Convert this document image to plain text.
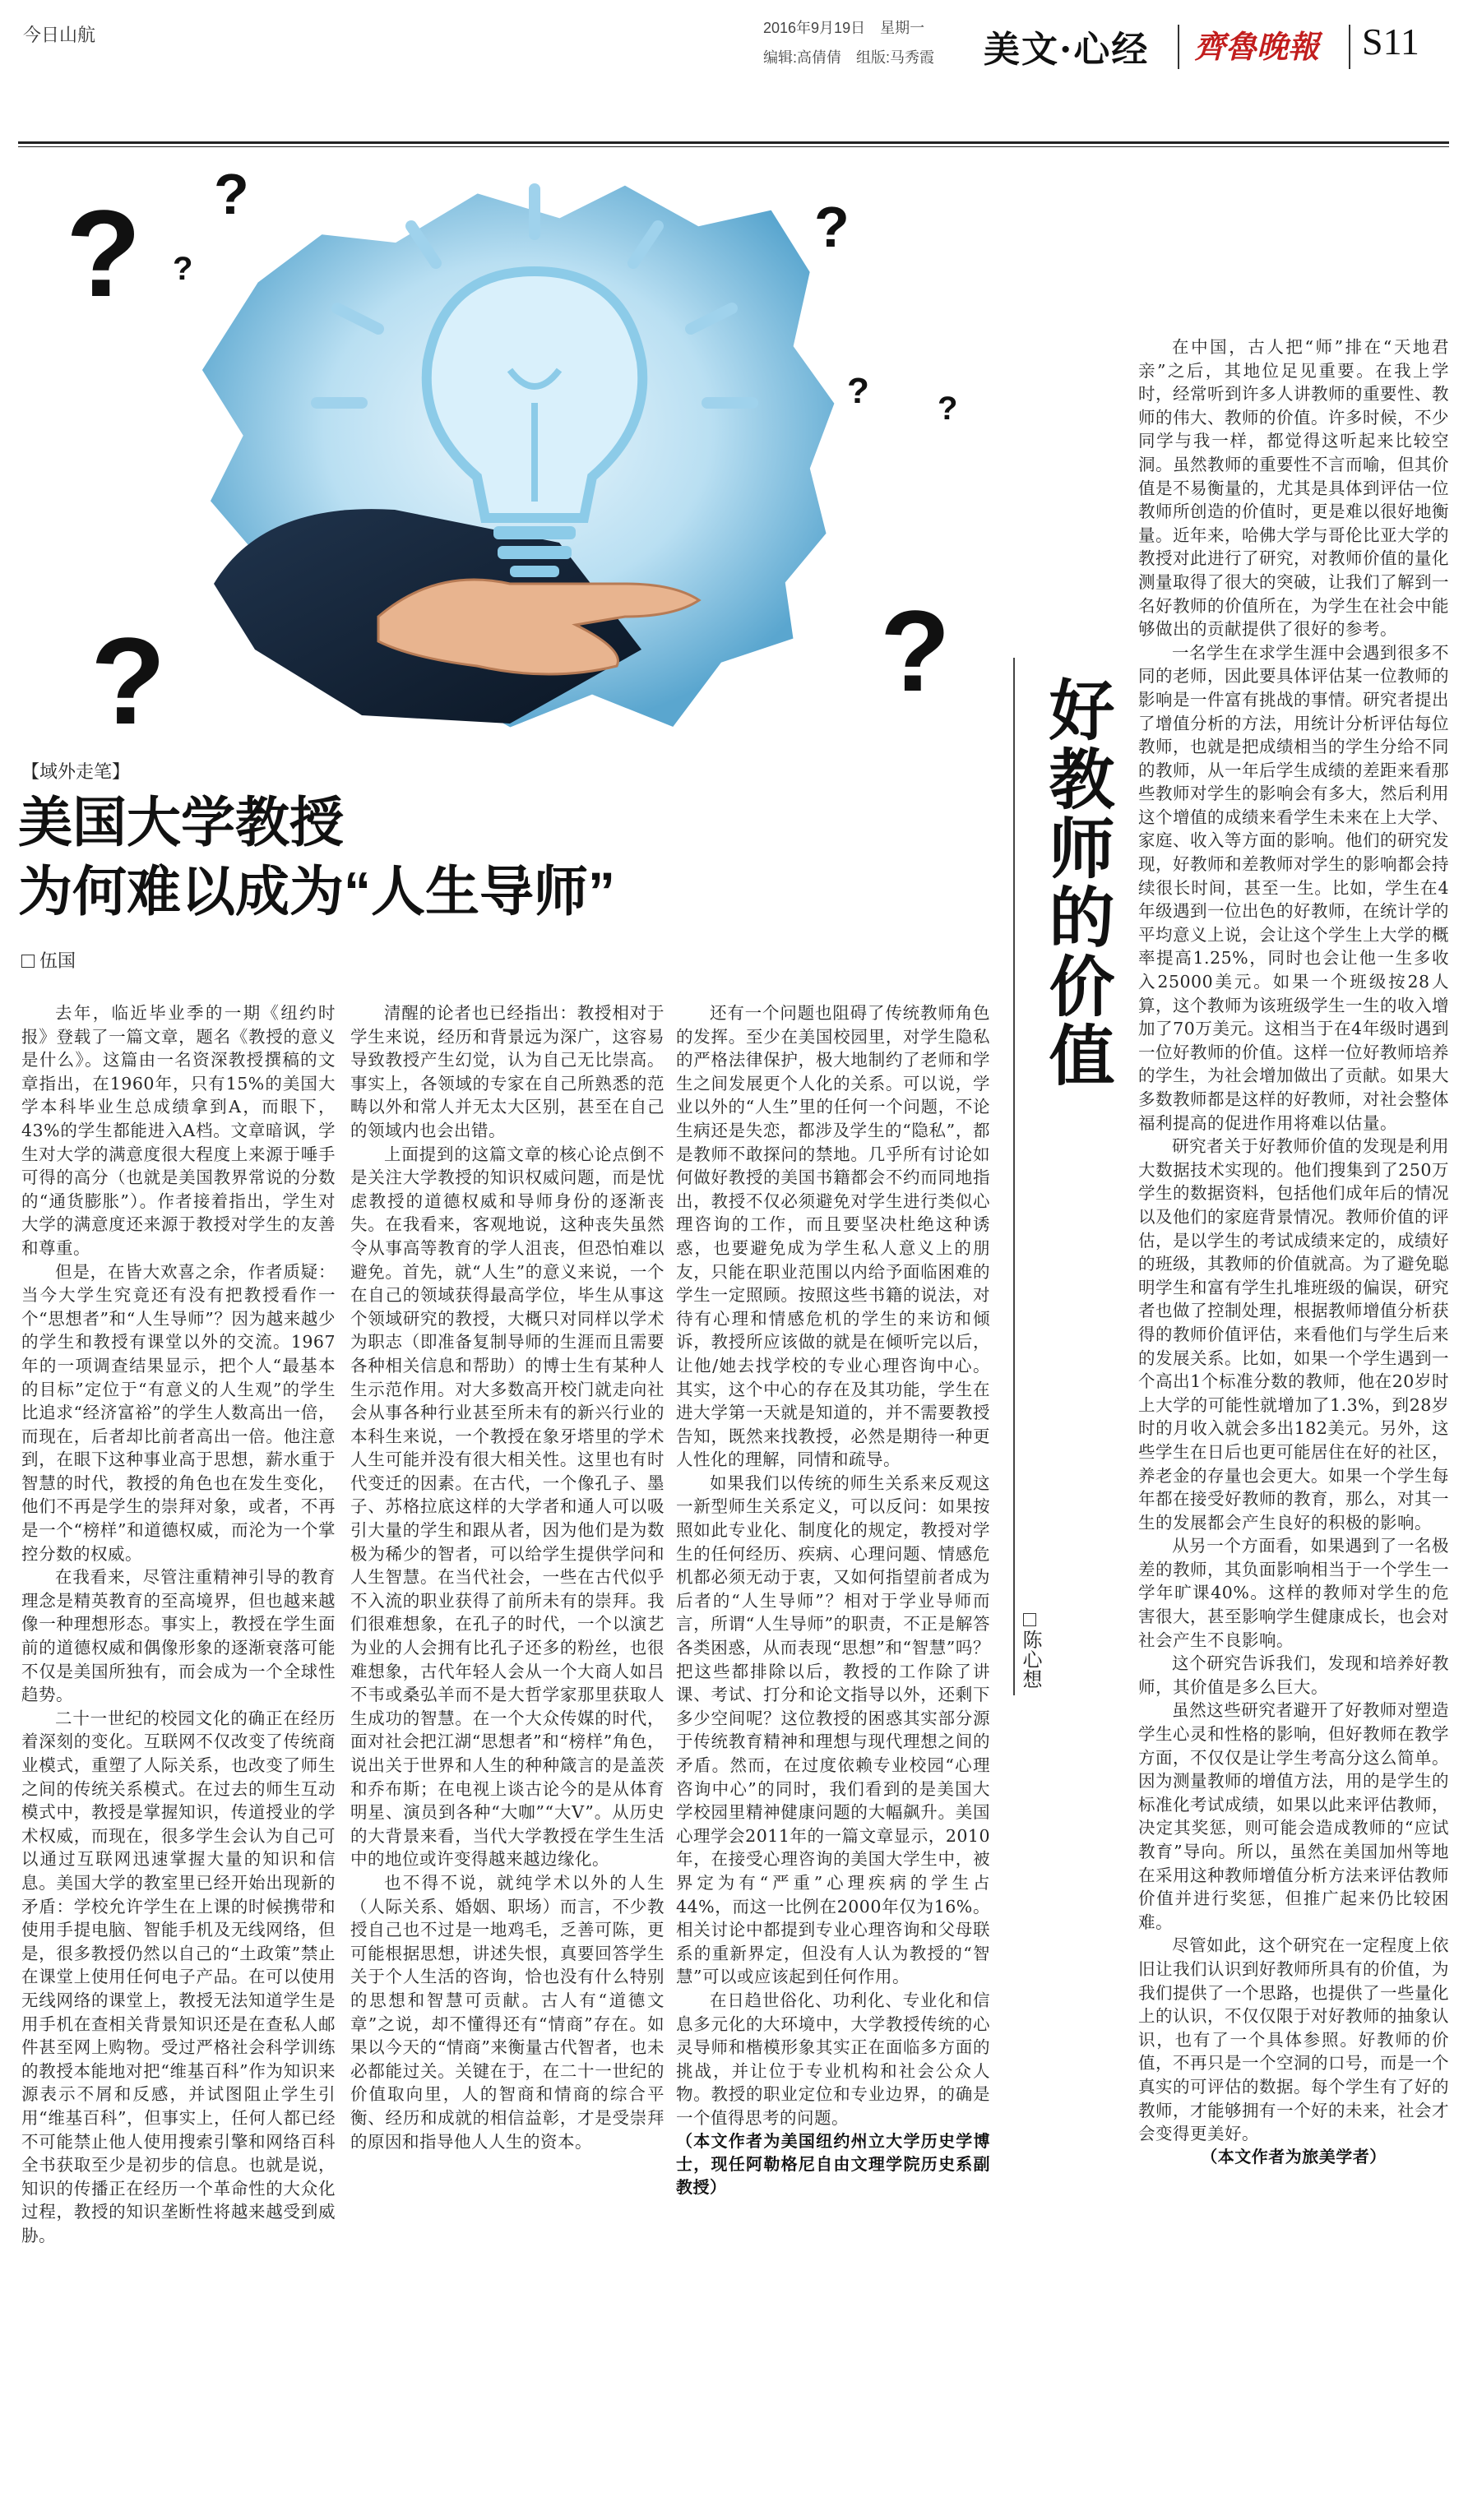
今日山航	2016年9月19日　星期一
编辑:高倩倩　组版:马秀霞 美文·心经 齊魯晚報 S11
? ?
?
?
?
?
? ?
【域外走笔】
美国大学教授
为何难以成为“人生导师”
伍国

去年，临近毕业季的一期《纽约时报》登载了一篇文章，题名《教授的意义是什么》。这篇由一名资深教授撰稿的文章指出，在1960年，只有15%的美国大学本科毕业生总成绩拿到A，而眼下，43%的学生都能进入A档。文章暗讽，学生对大学的满意度很大程度上来源于唾手可得的高分（也就是美国教界常说的分数的“通货膨胀”）。作者接着指出，学生对大学的满意度还来源于教授对学生的友善和尊重。

但是，在皆大欢喜之余，作者质疑：当今大学生究竟还有没有把教授看作一个“思想者”和“人生导师”？因为越来越少的学生和教授有课堂以外的交流。1967年的一项调查结果显示，把个人“最基本的目标”定位于“有意义的人生观”的学生比追求“经济富裕”的学生人数高出一倍，而现在，后者却比前者高出一倍。他注意到，在眼下这种事业高于思想，薪水重于智慧的时代，教授的角色也在发生变化，他们不再是学生的崇拜对象，或者，不再是一个“榜样”和道德权威，而沦为一个掌控分数的权威。

在我看来，尽管注重精神引导的教育理念是精英教育的至高境界，但也越来越像一种理想形态。事实上，教授在学生面前的道德权威和偶像形象的逐渐衰落可能不仅是美国所独有，而会成为一个全球性趋势。

二十一世纪的校园文化的确正在经历着深刻的变化。互联网不仅改变了传统商业模式，重塑了人际关系，也改变了师生之间的传统关系模式。在过去的师生互动模式中，教授是掌握知识，传道授业的学术权威，而现在，很多学生会认为自己可以通过互联网迅速掌握大量的知识和信息。美国大学的教室里已经开始出现新的矛盾：学校允许学生在上课的时候携带和使用手提电脑、智能手机及无线网络，但是，很多教授仍然以自己的“土政策”禁止在课堂上使用任何电子产品。在可以使用无线网络的课堂上，教授无法知道学生是用手机在查相关背景知识还是在查私人邮件甚至网上购物。受过严格社会科学训练的教授本能地对把“维基百科”作为知识来源表示不屑和反感，并试图阻止学生引用“维基百科”，但事实上，任何人都已经不可能禁止他人使用搜索引擎和网络百科全书获取至少是初步的信息。也就是说，知识的传播正在经历一个革命性的大众化过程，教授的知识垄断性将越来越受到威胁。

清醒的论者也已经指出：教授相对于学生来说，经历和背景远为深广，这容易导致教授产生幻觉，认为自己无比崇高。事实上，各领域的专家在自己所熟悉的范畴以外和常人并无太大区别，甚至在自己的领域内也会出错。

上面提到的这篇文章的核心论点倒不是关注大学教授的知识权威问题，而是忧虑教授的道德权威和导师身份的逐渐丧失。在我看来，客观地说，这种丧失虽然令从事高等教育的学人沮丧，但恐怕难以避免。首先，就“人生”的意义来说，一个在自己的领域获得最高学位，毕生从事这个领域研究的教授，大概只对同样以学术为职志（即准备复制导师的生涯而且需要各种相关信息和帮助）的博士生有某种人生示范作用。对大多数高开校门就走向社会从事各种行业甚至所未有的新兴行业的本科生来说，一个教授在象牙塔里的学术人生可能并没有很大相关性。这里也有时代变迁的因素。在古代，一个像孔子、墨子、苏格拉底这样的大学者和通人可以吸引大量的学生和跟从者，因为他们是为数极为稀少的智者，可以给学生提供学问和人生智慧。在当代社会，一些在古代似乎不入流的职业获得了前所未有的崇拜。我们很难想象，在孔子的时代，一个以演艺为业的人会拥有比孔子还多的粉丝，也很难想象，古代年轻人会从一个大商人如吕不韦或桑弘羊而不是大哲学家那里获取人生成功的智慧。在一个大众传媒的时代，面对社会把江湖“思想者”和“榜样”角色，说出关于世界和人生的种种箴言的是盖茨和乔布斯；在电视上谈古论今的是从体育明星、演员到各种“大咖”“大V”。从历史的大背景来看，当代大学教授在学生生活中的地位或许变得越来越边缘化。

也不得不说，就纯学术以外的人生（人际关系、婚姻、职场）而言，不少教授自己也不过是一地鸡毛，乏善可陈，更可能根据思想，讲述失恨，真要回答学生关于个人生活的咨询，恰也没有什么特别的思想和智慧可贡献。古人有“道德文章”之说，却不懂得还有“情商”存在。如果以今天的“情商”来衡量古代智者，也未必都能过关。关键在于，在二十一世纪的价值取向里，人的智商和情商的综合平衡、经历和成就的相信益彰，才是受崇拜的原因和指导他人人生的资本。

还有一个问题也阻碍了传统教师角色的发挥。至少在美国校园里，对学生隐私的严格法律保护，极大地制约了老师和学生之间发展更个人化的关系。可以说，学业以外的“人生”里的任何一个问题，不论生病还是失恋，都涉及学生的“隐私”，都是教师不敢探问的禁地。几乎所有讨论如何做好教授的美国书籍都会不约而同地指出，教授不仅必须避免对学生进行类似心理咨询的工作，而且要坚决杜绝这种诱惑，也要避免成为学生私人意义上的朋友，只能在职业范围以内给予面临困难的学生一定照顾。按照这些书籍的说法，对待有心理和情感危机的学生的来访和倾诉，教授所应该做的就是在倾听完以后，让他/她去找学校的专业心理咨询中心。其实，这个中心的存在及其功能，学生在进大学第一天就是知道的，并不需要教授告知，既然来找教授，必然是期待一种更人性化的理解，同情和疏导。

如果我们以传统的师生关系来反观这一新型师生关系定义，可以反问：如果按照如此专业化、制度化的规定，教授对学生的任何经历、疾病、心理问题、情感危机都必须无动于衷，又如何指望前者成为后者的“人生导师”？相对于学业导师而言，所谓“人生导师”的职责，不正是解答各类困惑，从而表现“思想”和“智慧”吗？把这些都排除以后，教授的工作除了讲课、考试、打分和论文指导以外，还剩下多少空间呢？这位教授的困惑其实部分源于传统教育精神和理想与现代理想之间的矛盾。然而，在过度依赖专业校园“心理咨询中心”的同时，我们看到的是美国大学校园里精神健康问题的大幅飙升。美国心理学会2011年的一篇文章显示，2010年，在接受心理咨询的美国大学生中，被界定为有“严重”心理疾病的学生占44%，而这一比例在2000年仅为16%。相关讨论中都提到专业心理咨询和父母联系的重新界定，但没有人认为教授的“智慧”可以或应该起到任何作用。

在日趋世俗化、功利化、专业化和信息多元化的大环境中，大学教授传统的心灵导师和楷模形象其实正在面临多方面的挑战，并让位于专业机构和社会公众人物。教授的职业定位和专业边界，的确是一个值得思考的问题。

（本文作者为美国纽约州立大学历史学博士，现任阿勒格尼自由文理学院历史系副教授）
好教师的价值
陈心想

在中国，古人把“师”排在“天地君亲”之后，其地位足见重要。在我上学时，经常听到许多人讲教师的重要性、教师的伟大、教师的价值。许多时候，不少同学与我一样，都觉得这听起来比较空洞。虽然教师的重要性不言而喻，但其价值是不易衡量的，尤其是具体到评估一位教师所创造的价值时，更是难以很好地衡量。近年来，哈佛大学与哥伦比亚大学的教授对此进行了研究，对教师价值的量化测量取得了很大的突破，让我们了解到一名好教师的价值所在，为学生在社会中能够做出的贡献提供了很好的参考。

一名学生在求学生涯中会遇到很多不同的老师，因此要具体评估某一位教师的影响是一件富有挑战的事情。研究者提出了增值分析的方法，用统计分析评估每位教师，也就是把成绩相当的学生分给不同的教师，从一年后学生成绩的差距来看那些教师对学生的影响会有多大，然后利用这个增值的成绩来看学生未来在上大学、家庭、收入等方面的影响。他们的研究发现，好教师和差教师对学生的影响都会持续很长时间，甚至一生。比如，学生在4年级遇到一位出色的好教师，在统计学的平均意义上说，会让这个学生上大学的概率提高1.25%，同时也会让他一生多收入25000美元。如果一个班级按28人算，这个教师为该班级学生一生的收入增加了70万美元。这相当于在4年级时遇到一位好教师的价值。这样一位好教师培养的学生，为社会增加做出了贡献。如果大多数教师都是这样的好教师，对社会整体福利提高的促进作用将难以估量。

研究者关于好教师价值的发现是利用大数据技术实现的。他们搜集到了250万学生的数据资料，包括他们成年后的情况以及他们的家庭背景情况。教师价值的评估，是以学生的考试成绩来定的，成绩好的班级，其教师的价值就高。为了避免聪明学生和富有学生扎堆班级的偏误，研究者也做了控制处理，根据教师增值分析获得的教师价值评估，来看他们与学生后来的发展关系。比如，如果一个学生遇到一个高出1个标准分数的教师，他在20岁时上大学的可能性就增加了1.3%，到28岁时的月收入就会多出182美元。另外，这些学生在日后也更可能居住在好的社区，养老金的存量也会更大。如果一个学生每年都在接受好教师的教育，那么，对其一生的发展都会产生良好的积极的影响。

从另一个方面看，如果遇到了一名极差的教师，其负面影响相当于一个学生一学年旷课40%。这样的教师对学生的危害很大，甚至影响学生健康成长，也会对社会产生不良影响。

这个研究告诉我们，发现和培养好教师，其价值是多么巨大。

虽然这些研究者避开了好教师对塑造学生心灵和性格的影响，但好教师在教学方面，不仅仅是让学生考高分这么简单。因为测量教师的增值方法，用的是学生的标准化考试成绩，如果以此来评估教师，决定其奖惩，则可能会造成教师的“应试教育”导向。所以，虽然在美国加州等地在采用这种教师增值分析方法来评估教师价值并进行奖惩，但推广起来仍比较困难。

尽管如此，这个研究在一定程度上依旧让我们认识到好教师所具有的价值，为我们提供了一个思路，也提供了一些量化上的认识，不仅仅限于对好教师的抽象认识，也有了一个具体参照。好教师的价值，不再只是一个空洞的口号，而是一个真实的可评估的数据。每个学生有了好的教师，才能够拥有一个好的未来，社会才会变得更美好。

（本文作者为旅美学者）
